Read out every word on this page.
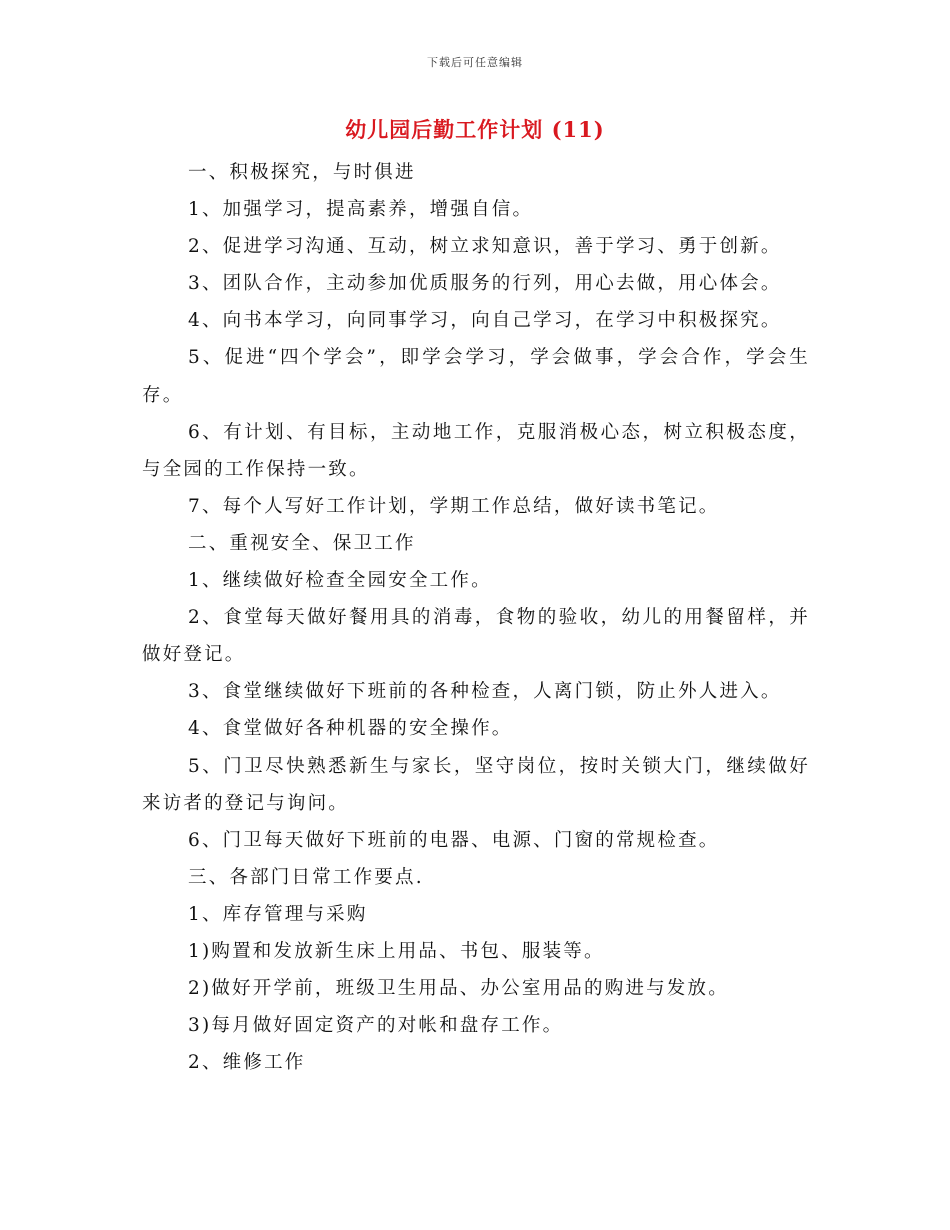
下载后可任意编辑
幼儿园后勤工作计划 (11)

一、积极探究，与时俱进

1、加强学习，提高素养，增强自信。

2、促进学习沟通、互动，树立求知意识，善于学习、勇于创新。

3、团队合作，主动参加优质服务的行列，用心去做，用心体会。

4、向书本学习，向同事学习，向自己学习，在学习中积极探究。

5、促进“四个学会”，即学会学习，学会做事，学会合作，学会生存。

6、有计划、有目标，主动地工作，克服消极心态，树立积极态度，与全园的工作保持一致。

7、每个人写好工作计划，学期工作总结，做好读书笔记。

二、重视安全、保卫工作

1、继续做好检查全园安全工作。

2、食堂每天做好餐用具的消毒，食物的验收，幼儿的用餐留样，并做好登记。

3、食堂继续做好下班前的各种检查，人离门锁，防止外人进入。

4、食堂做好各种机器的安全操作。

5、门卫尽快熟悉新生与家长，坚守岗位，按时关锁大门，继续做好来访者的登记与询问。

6、门卫每天做好下班前的电器、电源、门窗的常规检查。

三、各部门日常工作要点.

1、库存管理与采购

1)购置和发放新生床上用品、书包、服装等。

2)做好开学前，班级卫生用品、办公室用品的购进与发放。

3)每月做好固定资产的对帐和盘存工作。

2、维修工作
